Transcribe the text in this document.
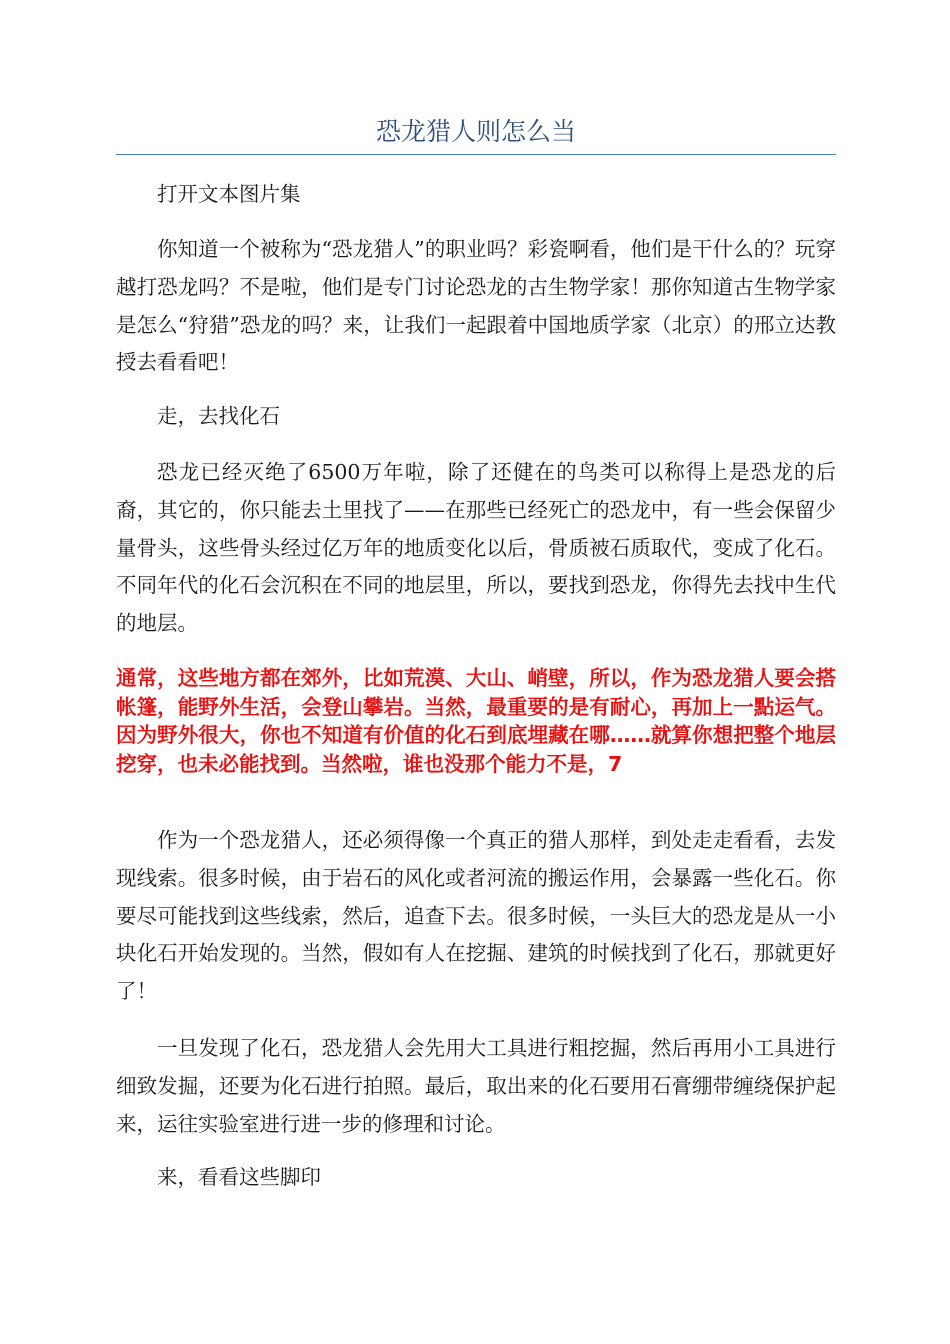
恐龙猎人则怎么当

打开文本图片集

你知道一个被称为“恐龙猎人”的职业吗？彩瓷啊看，他们是干什么的？玩穿越打恐龙吗？不是啦，他们是专门讨论恐龙的古生物学家！那你知道古生物学家是怎么“狩猎”恐龙的吗？来，让我们一起跟着中国地质学家（北京）的邢立达教授去看看吧！

走，去找化石

恐龙已经灭绝了6500万年啦，除了还健在的鸟类可以称得上是恐龙的后裔，其它的，你只能去土里找了——在那些已经死亡的恐龙中，有一些会保留少量骨头，这些骨头经过亿万年的地质变化以后，骨质被石质取代，变成了化石。不同年代的化石会沉积在不同的地层里，所以，要找到恐龙，你得先去找中生代的地层。

通常，这些地方都在郊外，比如荒漠、大山、峭壁，所以，作为恐龙猎人要会搭帐篷，能野外生活，会登山攀岩。当然，最重要的是有耐心，再加上一點运气。因为野外很大，你也不知道有价值的化石到底埋藏在哪……就算你想把整个地层挖穿，也未必能找到。当然啦，谁也没那个能力不是，7

作为一个恐龙猎人，还必须得像一个真正的猎人那样，到处走走看看，去发现线索。很多时候，由于岩石的风化或者河流的搬运作用，会暴露一些化石。你要尽可能找到这些线索，然后，追查下去。很多时候，一头巨大的恐龙是从一小块化石开始发现的。当然，假如有人在挖掘、建筑的时候找到了化石，那就更好了！

一旦发现了化石，恐龙猎人会先用大工具进行粗挖掘，然后再用小工具进行细致发掘，还要为化石进行拍照。最后，取出来的化石要用石膏绷带缠绕保护起来，运往实验室进行进一步的修理和讨论。

来，看看这些脚印
